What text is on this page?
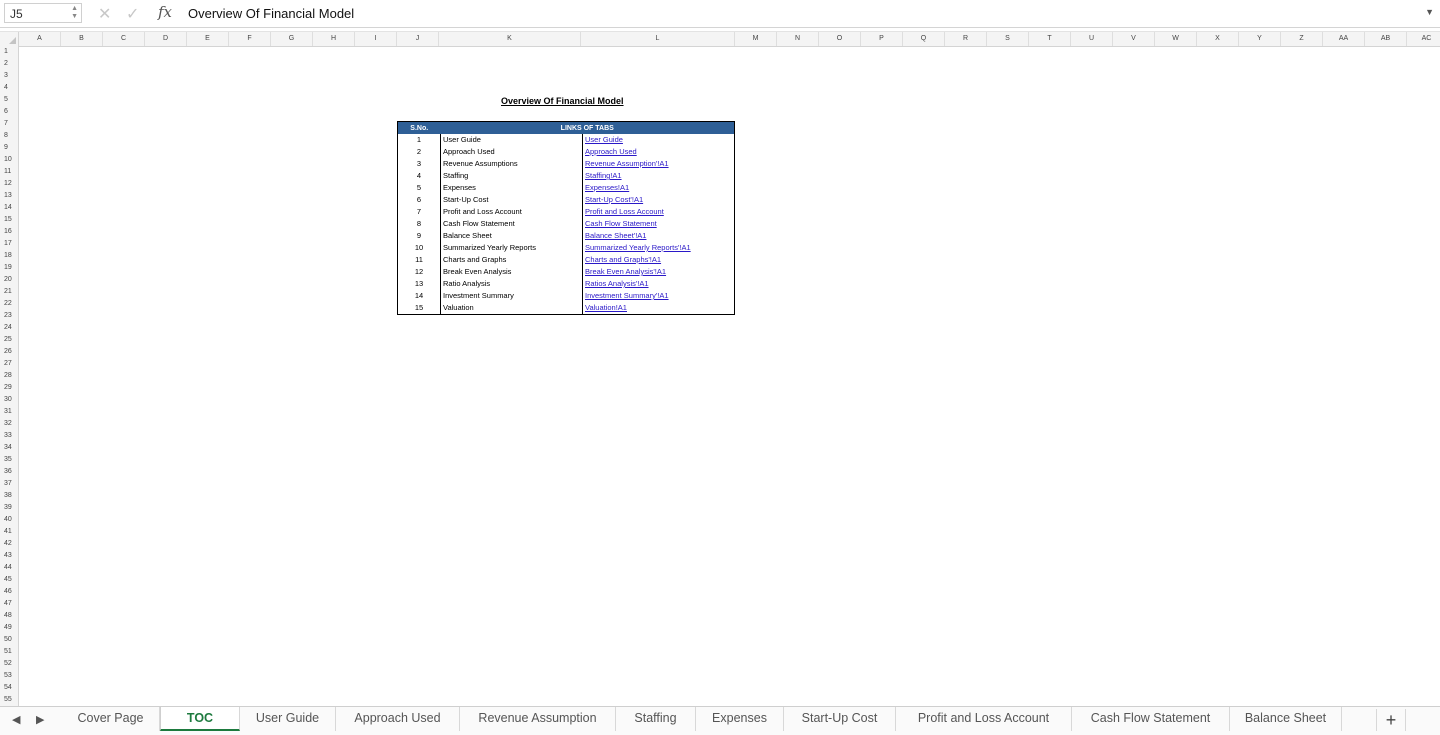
J5	▲
▼ ✕ ✓ fx Overview Of Financial Model	▼
A	B	C	D	E	F	G	H	I	J	K	L	M	N	O	P	Q	R	S	T	U	V	W	X	Y	Z	AA	AB	AC
1
2
3
4
5
6
7
8
9
10
11
12
13
14
15
16
17
18
19
20
21
22
23
24
25
26
27
28
29
30
31
32
33
34
35
36
37
38
39
40
41
42
43
44
45
46
47
48
49
50
51
52
53
54
55
Overview Of Financial Model
S.No.	LINKS OF TABS	
1	User Guide	User Guide
2	Approach Used	Approach Used
3	Revenue Assumptions	Revenue Assumption'!A1
4	Staffing	Staffing!A1
5	Expenses	Expenses!A1
6	Start-Up Cost	Start-Up Cost'!A1
7	Profit and Loss Account	Profit and Loss Account
8	Cash Flow Statement	Cash Flow Statement
9	Balance Sheet	Balance Sheet'!A1
10	Summarized Yearly Reports	Summarized Yearly Reports'!A1
11	Charts and Graphs	Charts and Graphs'!A1
12	Break Even Analysis	Break Even Analysis'!A1
13	Ratio Analysis	Ratios Analysis'!A1
14	Investment Summary	Investment Summary'!A1
15	Valuation	Valuation!A1
◀ ▶	Cover Page	TOC	User Guide	Approach Used	Revenue Assumption	Staffing	Expenses	Start-Up Cost	Profit and Loss Account	Cash Flow Statement	Balance Sheet	+
